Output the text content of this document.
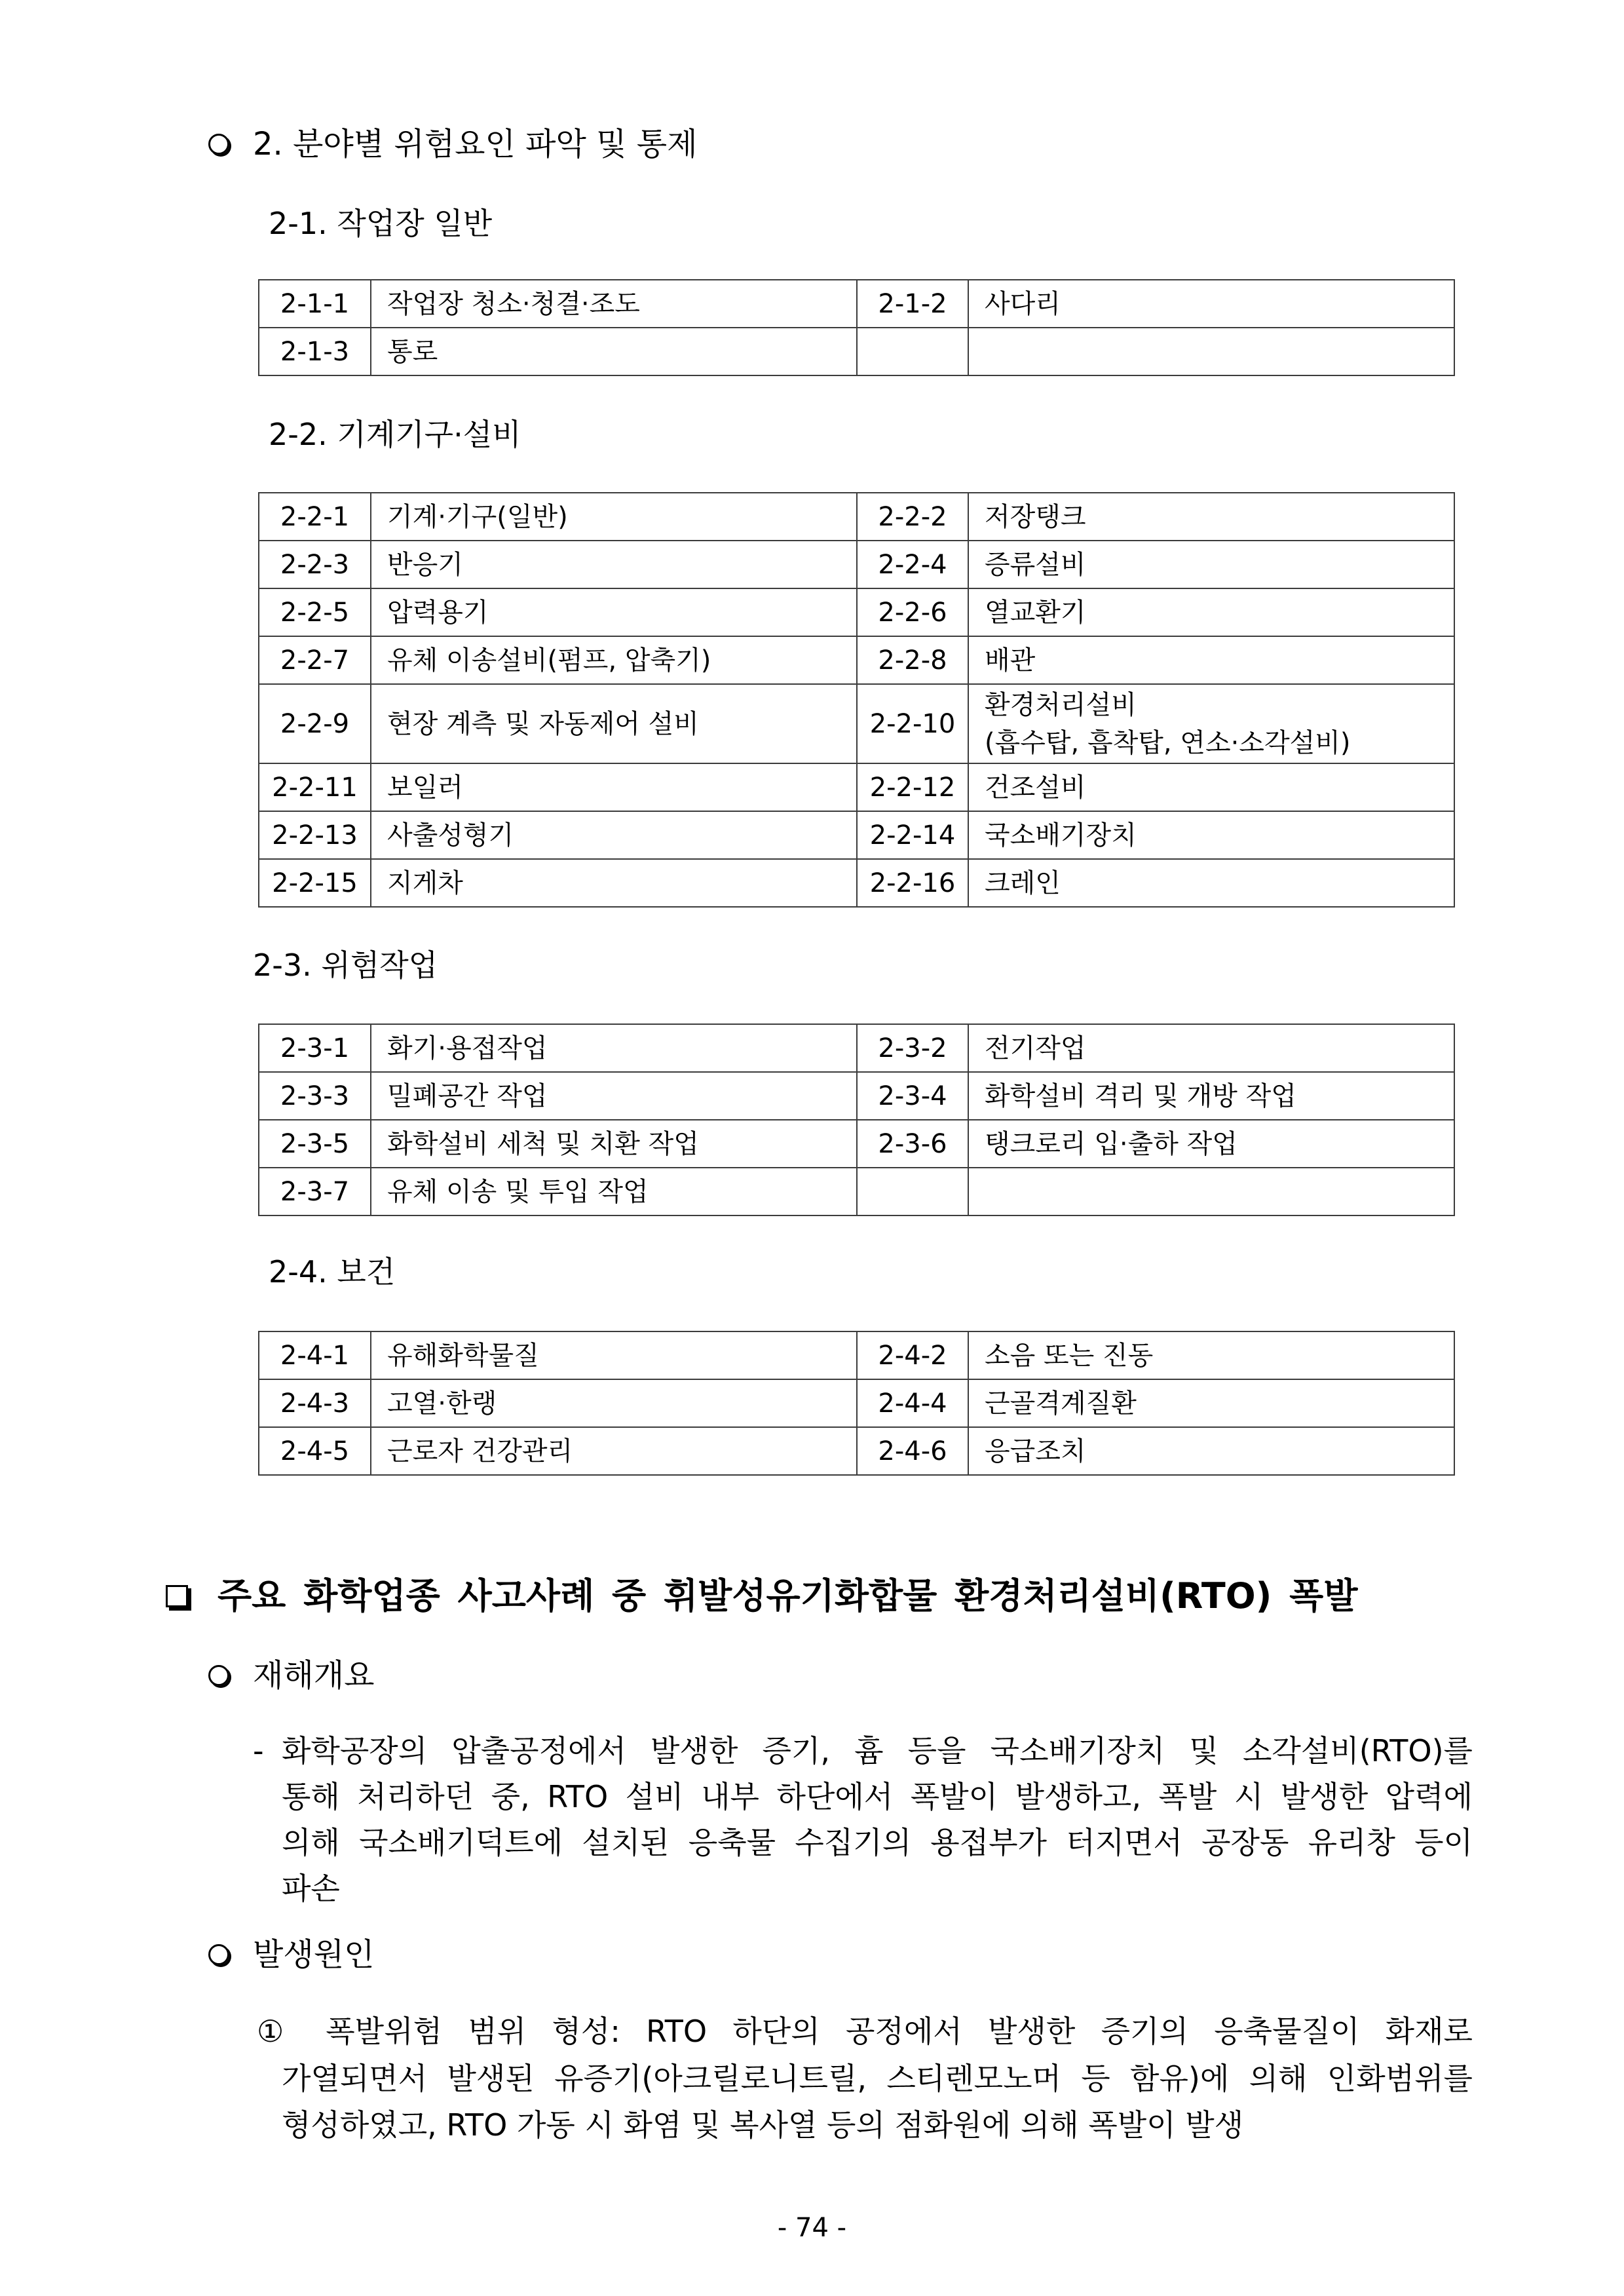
2. 분야별 위험요인 파악 및 통제
2-1. 작업장 일반
2-1-1	작업장 청소·청결·조도	2-1-2	사다리
2-1-3	통로		
2-2. 기계기구·설비
2-2-1	기계·기구(일반)	2-2-2	저장탱크
2-2-3	반응기	2-2-4	증류설비
2-2-5	압력용기	2-2-6	열교환기
2-2-7	유체 이송설비(펌프, 압축기)	2-2-8	배관
2-2-9	현장 계측 및 자동제어 설비	2-2-10	환경처리설비
(흡수탑, 흡착탑, 연소·소각설비)
2-2-11	보일러	2-2-12	건조설비
2-2-13	사출성형기	2-2-14	국소배기장치
2-2-15	지게차	2-2-16	크레인
2-3. 위험작업
2-3-1	화기·용접작업	2-3-2	전기작업
2-3-3	밀폐공간 작업	2-3-4	화학설비 격리 및 개방 작업
2-3-5	화학설비 세척 및 치환 작업	2-3-6	탱크로리 입·출하 작업
2-3-7	유체 이송 및 투입 작업		
2-4. 보건
2-4-1	유해화학물질	2-4-2	소음 또는 진동
2-4-3	고열·한랭	2-4-4	근골격계질환
2-4-5	근로자 건강관리	2-4-6	응급조치
주요 화학업종 사고사례 중 휘발성유기화합물 환경처리설비(RTO) 폭발
재해개요
- 화학공장의 압출공정에서 발생한 증기, 흄 등을 국소배기장치 및 소각설비(RTO)를
통해 처리하던 중, RTO 설비 내부 하단에서 폭발이 발생하고, 폭발 시 발생한 압력에
의해 국소배기덕트에 설치된 응축물 수집기의 용접부가 터지면서 공장동 유리창 등이
파손
발생원인
① 폭발위험 범위 형성: RTO 하단의 공정에서 발생한 증기의 응축물질이 화재로
가열되면서 발생된 유증기(아크릴로니트릴, 스티렌모노머 등 함유)에 의해 인화범위를
형성하였고, RTO 가동 시 화염 및 복사열 등의 점화원에 의해 폭발이 발생
- 74 -
